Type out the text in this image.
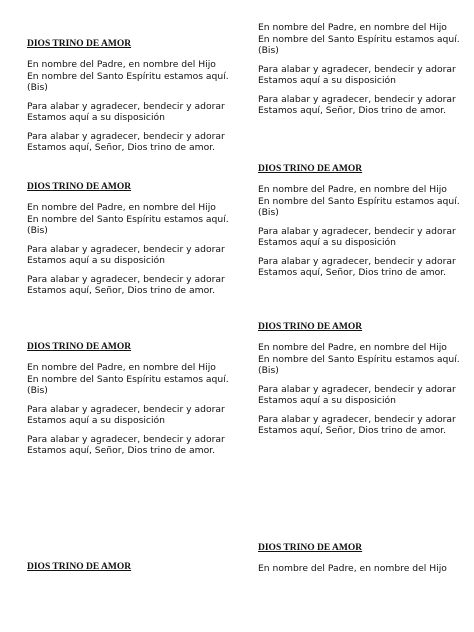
DIOS TRINO DE AMOR
En nombre del Padre, en nombre del Hijo
En nombre del Santo Espíritu estamos aquí. (Bis)
Para alabar y agradecer, bendecir y adorar
Estamos aquí a su disposición
Para alabar y agradecer, bendecir y adorar
Estamos aquí, Señor, Dios trino de amor.
DIOS TRINO DE AMOR
En nombre del Padre, en nombre del Hijo
En nombre del Santo Espíritu estamos aquí. (Bis)
Para alabar y agradecer, bendecir y adorar
Estamos aquí a su disposición
Para alabar y agradecer, bendecir y adorar
Estamos aquí, Señor, Dios trino de amor.
DIOS TRINO DE AMOR
En nombre del Padre, en nombre del Hijo
En nombre del Santo Espíritu estamos aquí. (Bis)
Para alabar y agradecer, bendecir y adorar
Estamos aquí a su disposición
Para alabar y agradecer, bendecir y adorar
Estamos aquí, Señor, Dios trino de amor.
DIOS TRINO DE AMOR
En nombre del Padre, en nombre del Hijo
En nombre del Santo Espíritu estamos aquí. (Bis)
Para alabar y agradecer, bendecir y adorar
Estamos aquí a su disposición
Para alabar y agradecer, bendecir y adorar
Estamos aquí, Señor, Dios trino de amor.
DIOS TRINO DE AMOR
En nombre del Padre, en nombre del Hijo
En nombre del Santo Espíritu estamos aquí. (Bis)
Para alabar y agradecer, bendecir y adorar
Estamos aquí a su disposición
Para alabar y agradecer, bendecir y adorar
Estamos aquí, Señor, Dios trino de amor.
DIOS TRINO DE AMOR
En nombre del Padre, en nombre del Hijo
En nombre del Santo Espíritu estamos aquí. (Bis)
Para alabar y agradecer, bendecir y adorar
Estamos aquí a su disposición
Para alabar y agradecer, bendecir y adorar
Estamos aquí, Señor, Dios trino de amor.
DIOS TRINO DE AMOR
En nombre del Padre, en nombre del Hijo
